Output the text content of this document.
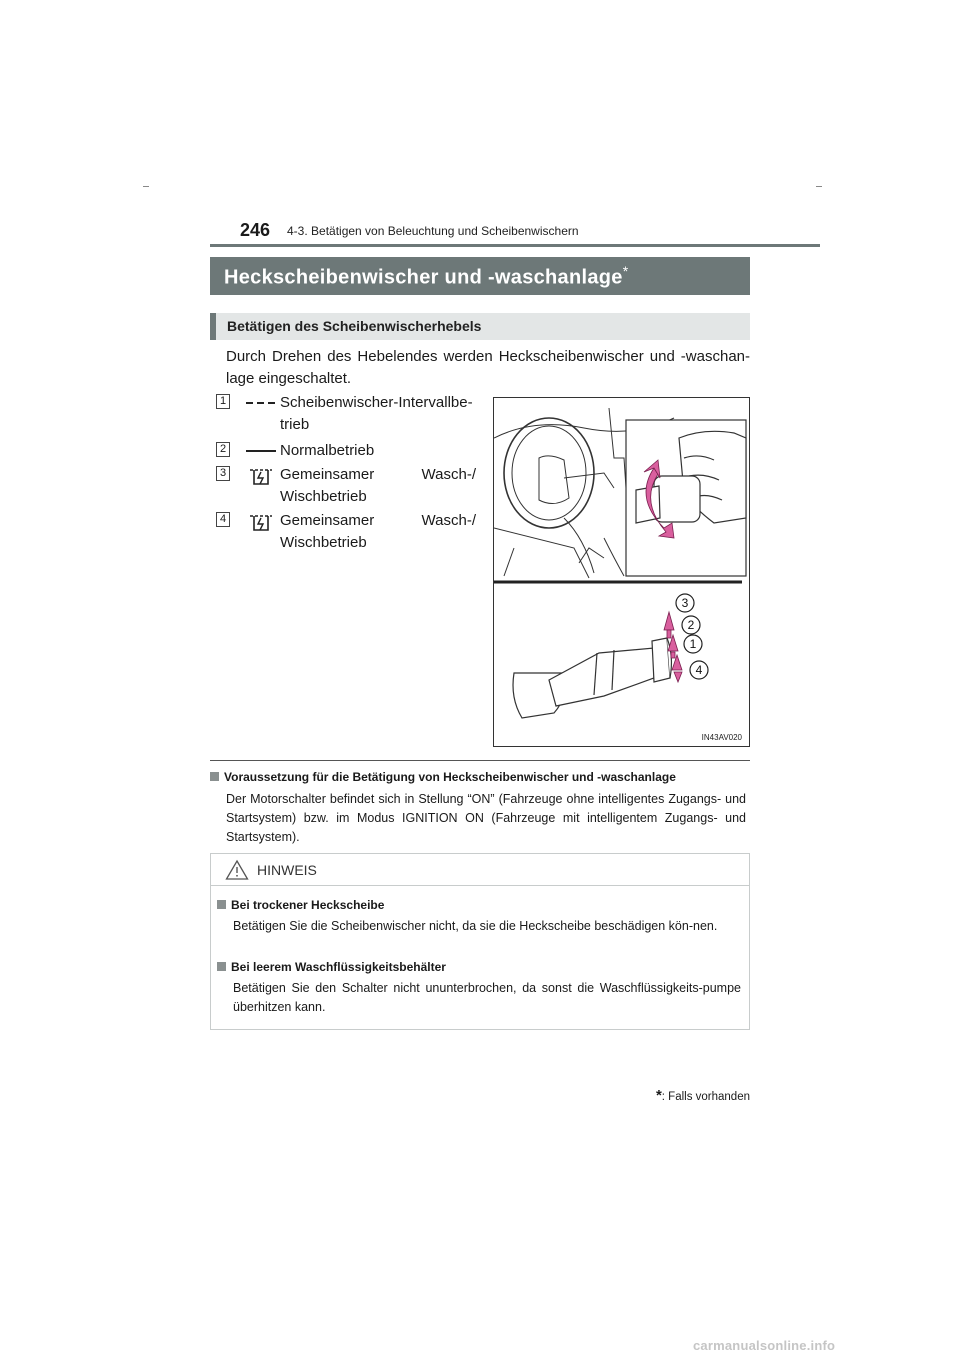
246 4-3. Betätigen von Beleuchtung und Scheibenwischern
Heckscheibenwischer und -waschanlage*
Betätigen des Scheibenwischerhebels
Durch Drehen des Hebelendes werden Heckscheibenwischer und -waschan-
lage eingeschaltet.
1	Scheibenwischer-Intervallbe-
trieb
2	Normalbetrieb
3	Gemeinsamer Wasch-/
Wischbetrieb
4	Gemeinsamer Wasch-/
Wischbetrieb
3
2
1
4
IN43AV020
Voraussetzung für die Betätigung von Heckscheibenwischer und -waschanlage
Der Motorschalter befindet sich in Stellung “ON” (Fahrzeuge ohne intelligentes Zugangs- und Startsystem) bzw. im Modus IGNITION ON (Fahrzeuge mit intelligentem Zugangs- und Startsystem).
HINWEIS
Bei trockener Heckscheibe
Betätigen Sie die Scheibenwischer nicht, da sie die Heckscheibe beschädigen kön-nen.
Bei leerem Waschflüssigkeitsbehälter
Betätigen Sie den Schalter nicht ununterbrochen, da sonst die Waschflüssigkeits-pumpe überhitzen kann.
*: Falls vorhanden
carmanualsonline.info
